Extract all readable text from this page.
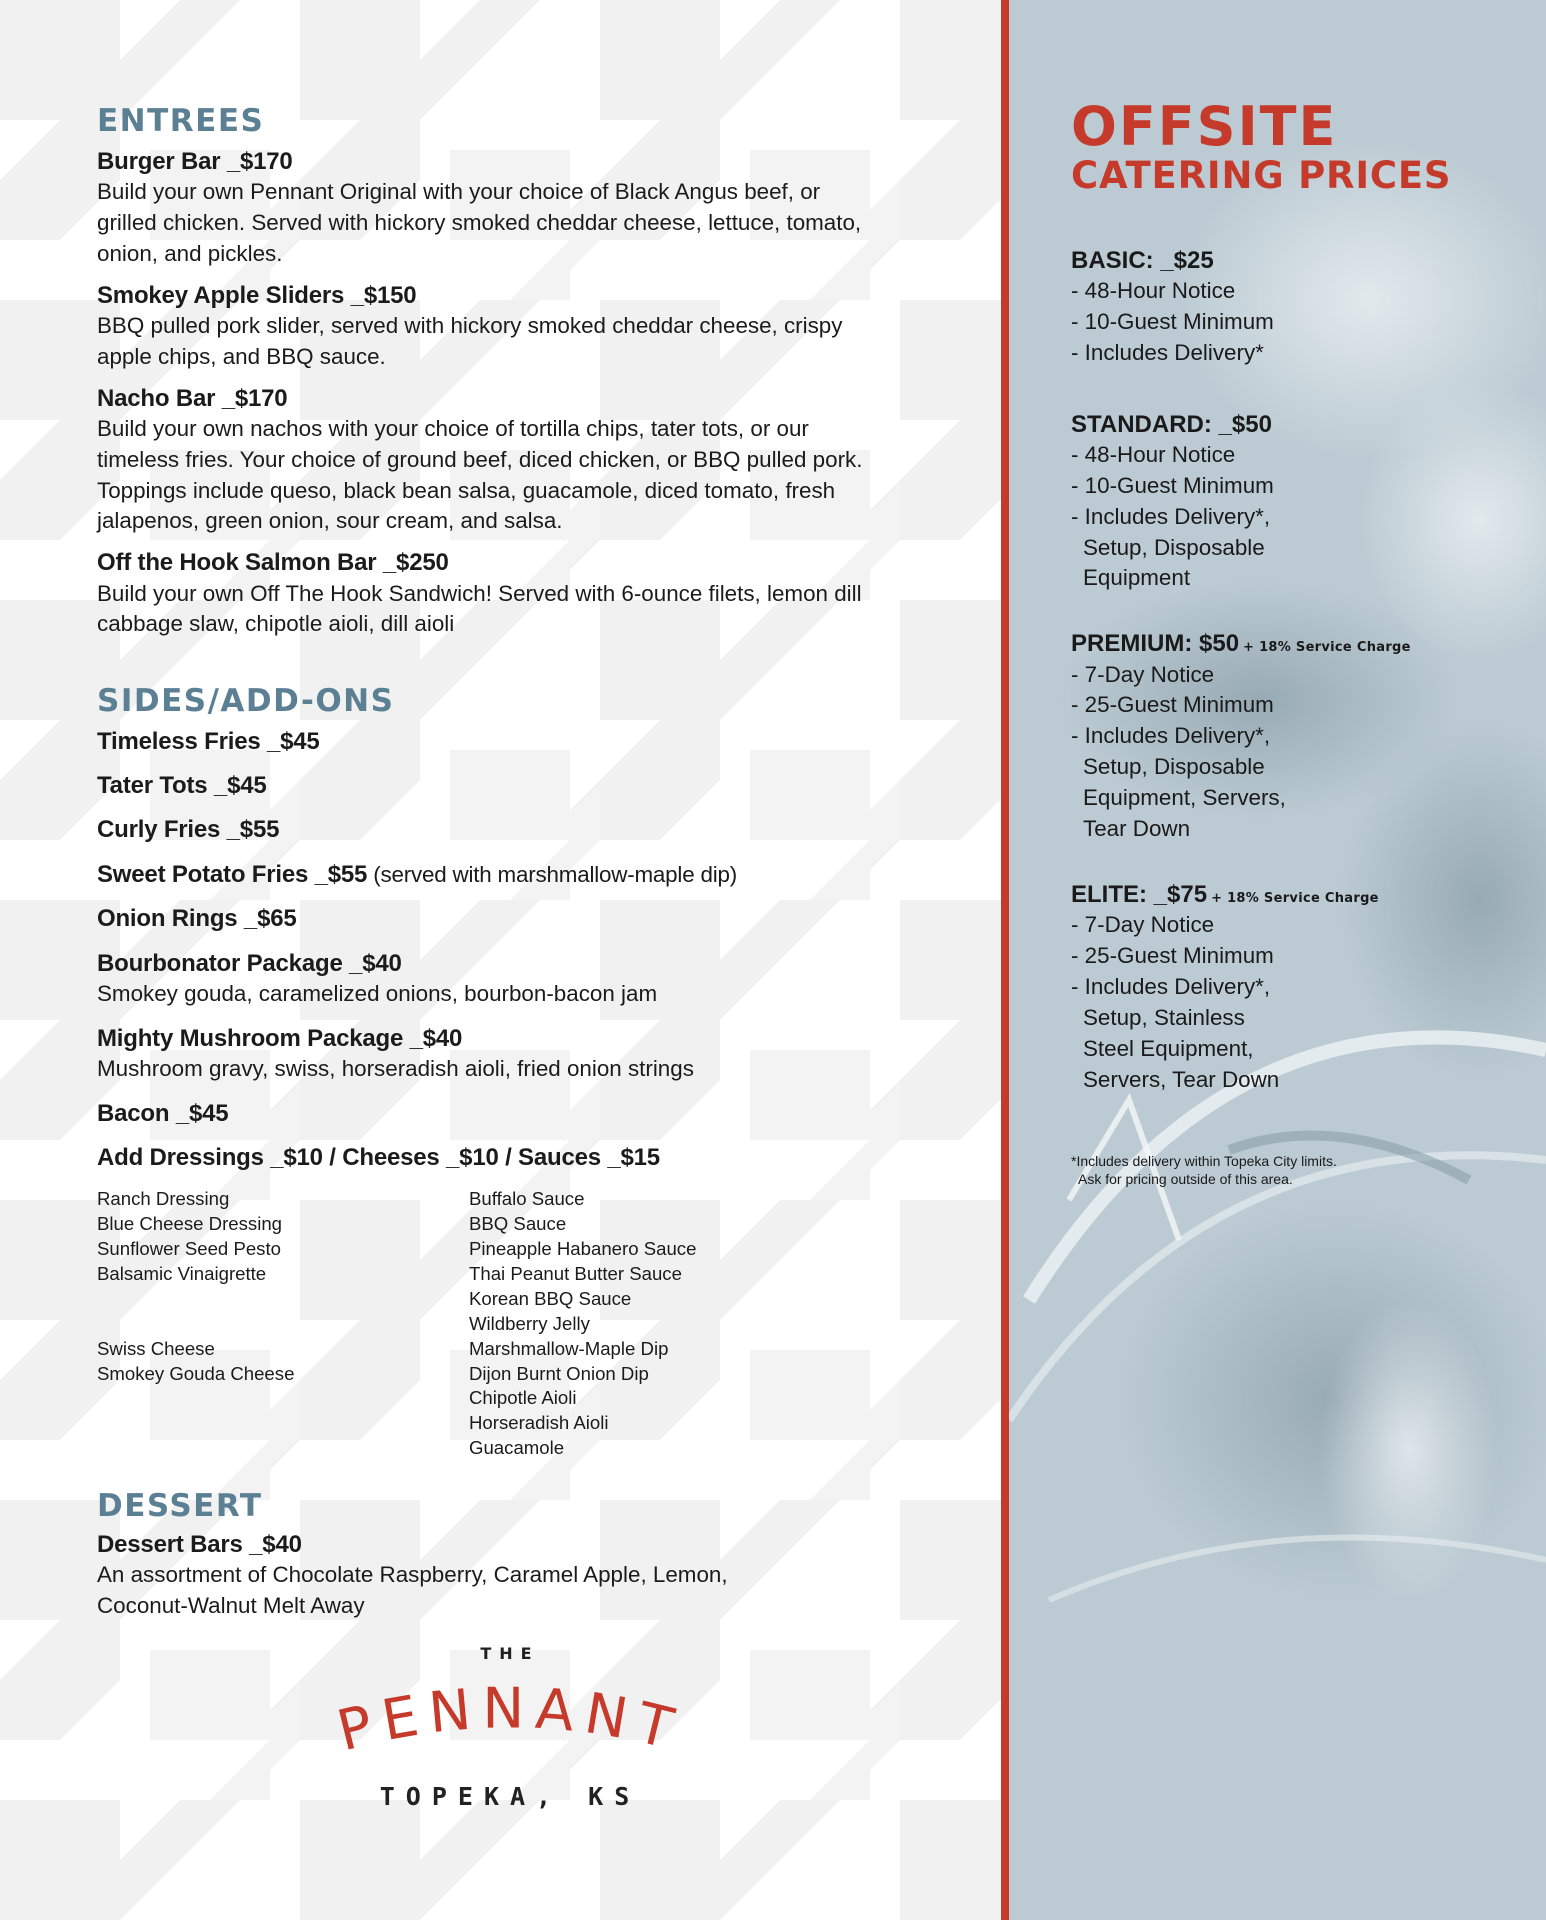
ENTREES
Burger Bar _$170
Build your own Pennant Original with your choice of Black Angus beef, or
grilled chicken. Served with hickory smoked cheddar cheese, lettuce, tomato,
onion, and pickles.
Smokey Apple Sliders _$150
BBQ pulled pork slider, served with hickory smoked cheddar cheese, crispy
apple chips, and BBQ sauce.
Nacho Bar _$170
Build your own nachos with your choice of tortilla chips, tater tots, or our
timeless fries. Your choice of ground beef, diced chicken, or BBQ pulled pork.
Toppings include queso, black bean salsa, guacamole, diced tomato, fresh
jalapenos, green onion, sour cream, and salsa.
Off the Hook Salmon Bar _$250
Build your own Off The Hook Sandwich! Served with 6-ounce filets, lemon dill
cabbage slaw, chipotle aioli, dill aioli
SIDES/ADD-ONS
Timeless Fries _$45
Tater Tots _$45
Curly Fries _$55
Sweet Potato Fries _$55 (served with marshmallow-maple dip)
Onion Rings _$65
Bourbonator Package _$40
Smokey gouda, caramelized onions, bourbon-bacon jam
Mighty Mushroom Package _$40
Mushroom gravy, swiss, horseradish aioli, fried onion strings
Bacon _$45
Add Dressings _$10 / Cheeses _$10 / Sauces _$15
Ranch Dressing
Blue Cheese Dressing
Sunflower Seed Pesto
Balsamic Vinaigrette
Swiss Cheese
Smokey Gouda Cheese
Buffalo Sauce
BBQ Sauce
Pineapple Habanero Sauce
Thai Peanut Butter Sauce
Korean BBQ Sauce
Wildberry Jelly
Marshmallow-Maple Dip
Dijon Burnt Onion Dip
Chipotle Aioli
Horseradish Aioli
Guacamole
DESSERT
Dessert Bars _$40
An assortment of Chocolate Raspberry, Caramel Apple, Lemon,
Coconut-Walnut Melt Away
THE
PENNANT
TOPEKA, KS
OFFSITE
CATERING PRICES
BASIC: _$25
- 48-Hour Notice
- 10-Guest Minimum
- Includes Delivery*
STANDARD: _$50
- 48-Hour Notice
- 10-Guest Minimum
- Includes Delivery*,
Setup, Disposable
Equipment
PREMIUM: $50 + 18% Service Charge
- 7-Day Notice
- 25-Guest Minimum
- Includes Delivery*,
Setup, Disposable
Equipment, Servers,
Tear Down
ELITE: _$75 + 18% Service Charge
- 7-Day Notice
- 25-Guest Minimum
- Includes Delivery*,
Setup, Stainless
Steel Equipment,
Servers, Tear Down
*Includes delivery within Topeka City limits.
Ask for pricing outside of this area.
